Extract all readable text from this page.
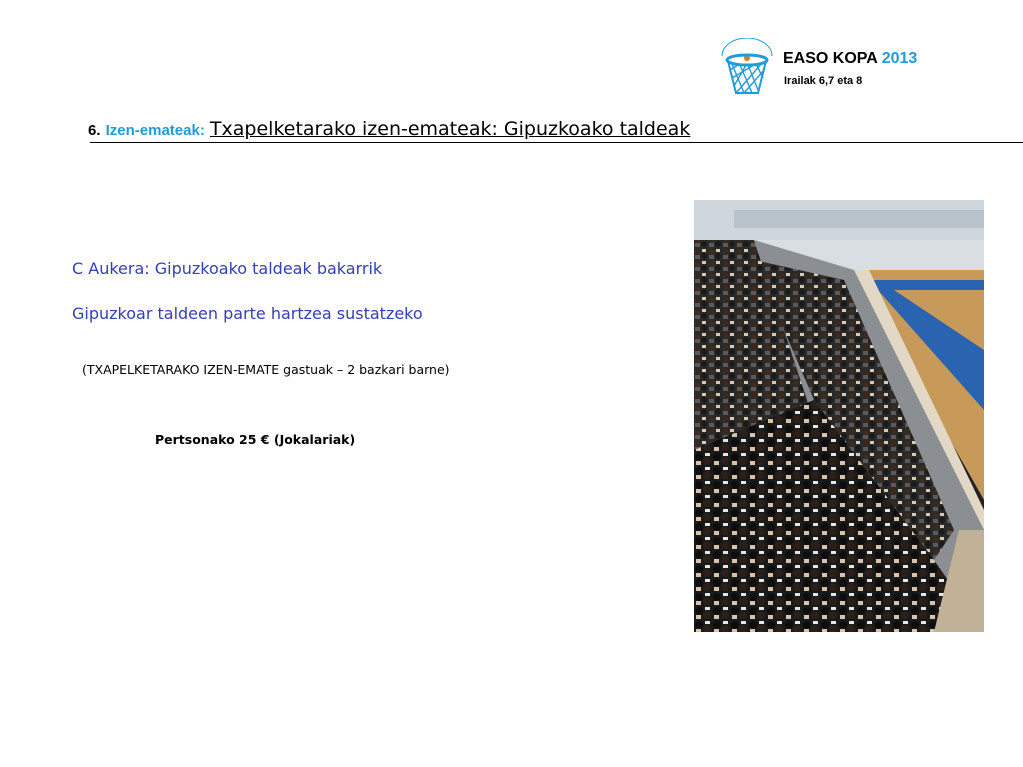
EASO KOPA 2013
Irailak 6,7 eta 8
6. Izen-emateak: Txapelketarako izen-emateak: Gipuzkoako taldeak
C Aukera: Gipuzkoako taldeak bakarrik
Gipuzkoar taldeen parte hartzea sustatzeko
(TXAPELKETARAKO IZEN-EMATE gastuak – 2 bazkari barne)
Pertsonako 25 € (Jokalariak)
